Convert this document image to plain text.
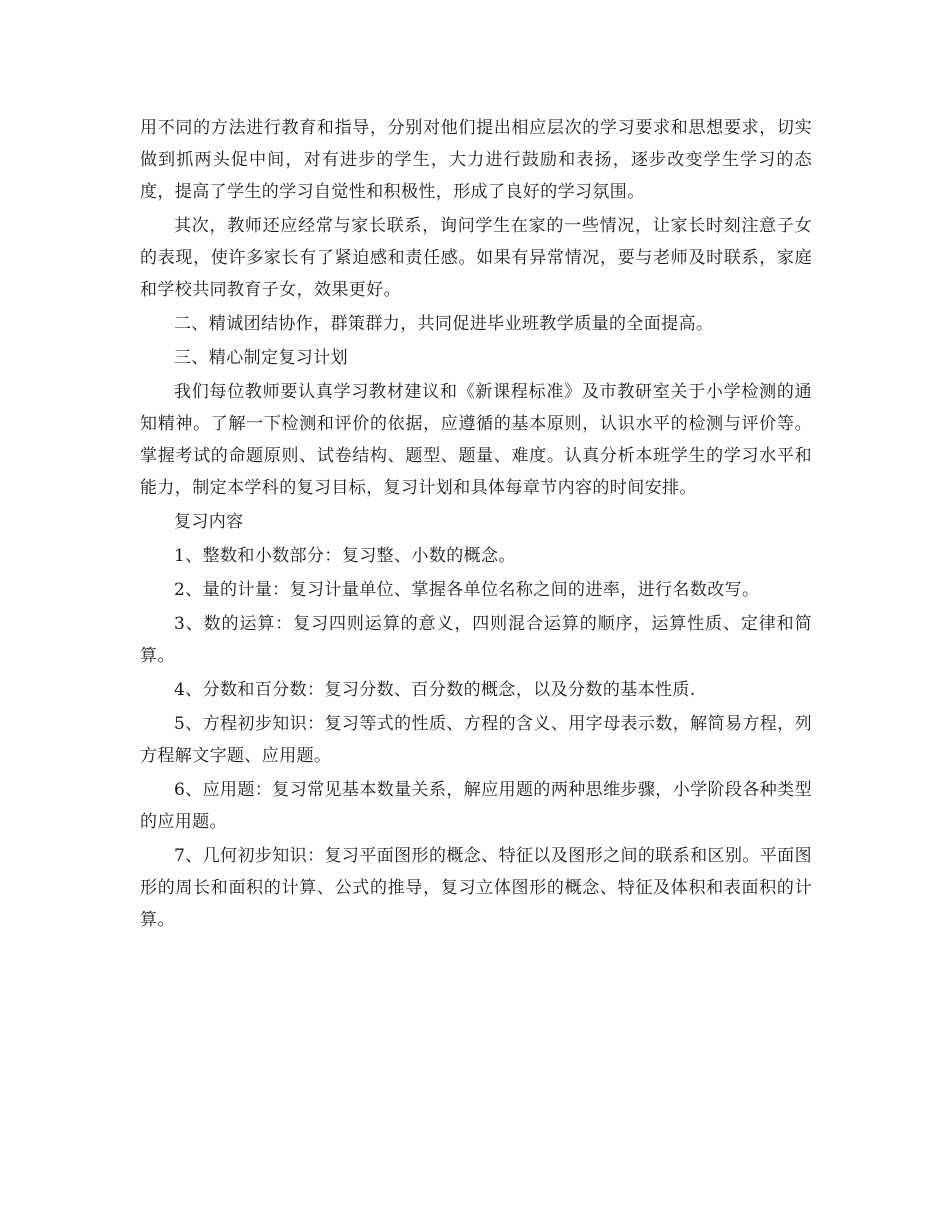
用不同的方法进行教育和指导，分别对他们提出相应层次的学习要求和思想要求，切实做到抓两头促中间，对有进步的学生，大力进行鼓励和表扬，逐步改变学生学习的态度，提高了学生的学习自觉性和积极性，形成了良好的学习氛围。

其次，教师还应经常与家长联系，询问学生在家的一些情况，让家长时刻注意子女的表现，使许多家长有了紧迫感和责任感。如果有异常情况，要与老师及时联系，家庭和学校共同教育子女，效果更好。

二、精诚团结协作，群策群力，共同促进毕业班教学质量的全面提高。

三、精心制定复习计划

我们每位教师要认真学习教材建议和《新课程标准》及市教研室关于小学检测的通知精神。了解一下检测和评价的依据，应遵循的基本原则，认识水平的检测与评价等。掌握考试的命题原则、试卷结构、题型、题量、难度。认真分析本班学生的学习水平和能力，制定本学科的复习目标，复习计划和具体每章节内容的时间安排。

复习内容

1、整数和小数部分：复习整、小数的概念。

2、量的计量：复习计量单位、掌握各单位名称之间的进率，进行名数改写。

3、数的运算：复习四则运算的意义，四则混合运算的顺序，运算性质、定律和简算。

4、分数和百分数：复习分数、百分数的概念，以及分数的基本性质.

5、方程初步知识：复习等式的性质、方程的含义、用字母表示数，解简易方程，列方程解文字题、应用题。

6、应用题：复习常见基本数量关系，解应用题的两种思维步骤，小学阶段各种类型的应用题。

7、几何初步知识：复习平面图形的概念、特征以及图形之间的联系和区别。平面图形的周长和面积的计算、公式的推导，复习立体图形的概念、特征及体积和表面积的计算。
